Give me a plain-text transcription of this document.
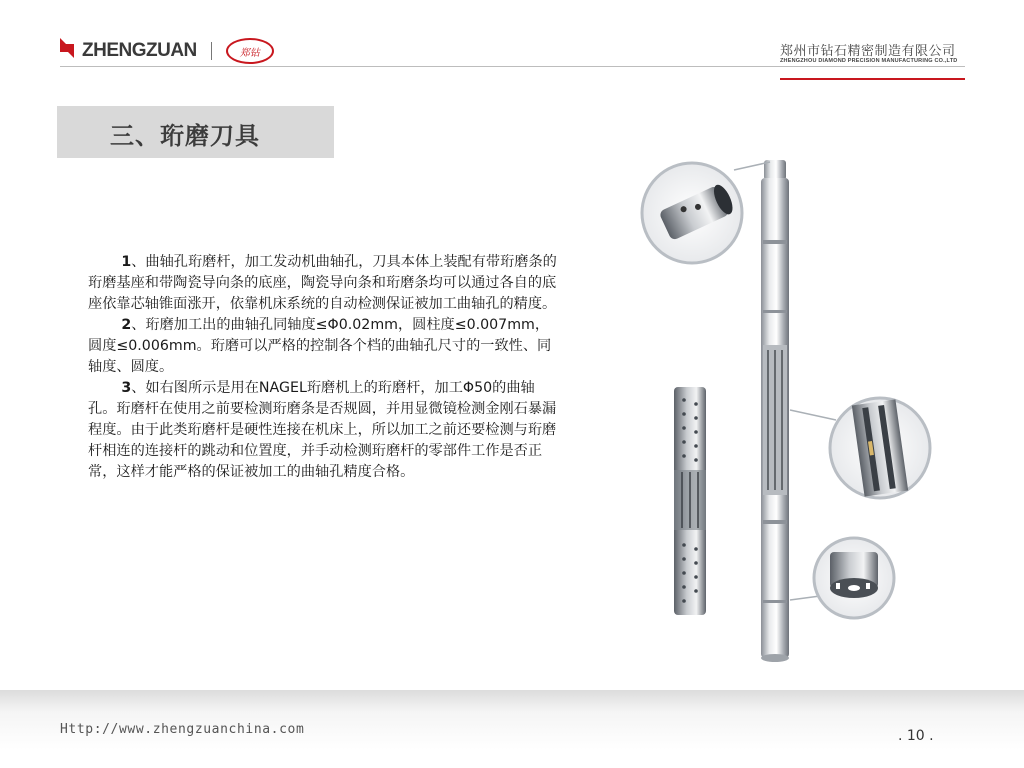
ZHENGZUAN	郑钻	郑州市钻石精密制造有限公司
ZHENGZHOU DIAMOND PRECISION MANUFACTURING CO.,LTD
三、珩磨刀具

1、曲轴孔珩磨杆，加工发动机曲轴孔，刀具本体上装配有带珩磨条的珩磨基座和带陶瓷导向条的底座，陶瓷导向条和珩磨条均可以通过各自的底座依靠芯轴锥面涨开，依靠机床系统的自动检测保证被加工曲轴孔的精度。

2、珩磨加工出的曲轴孔同轴度≤Φ0.02mm，圆柱度≤0.007mm，圆度≤0.006mm。珩磨可以严格的控制各个档的曲轴孔尺寸的一致性、同轴度、圆度。

3、如右图所示是用在NAGEL珩磨机上的珩磨杆，加工Φ50的曲轴孔。珩磨杆在使用之前要检测珩磨条是否规圆，并用显微镜检测金刚石暴漏程度。由于此类珩磨杆是硬性连接在机床上，所以加工之前还要检测与珩磨杆相连的连接杆的跳动和位置度，并手动检测珩磨杆的零部件工作是否正常，这样才能严格的保证被加工的曲轴孔精度合格。

Http://www.zhengzuanchina.com	. 10 .
